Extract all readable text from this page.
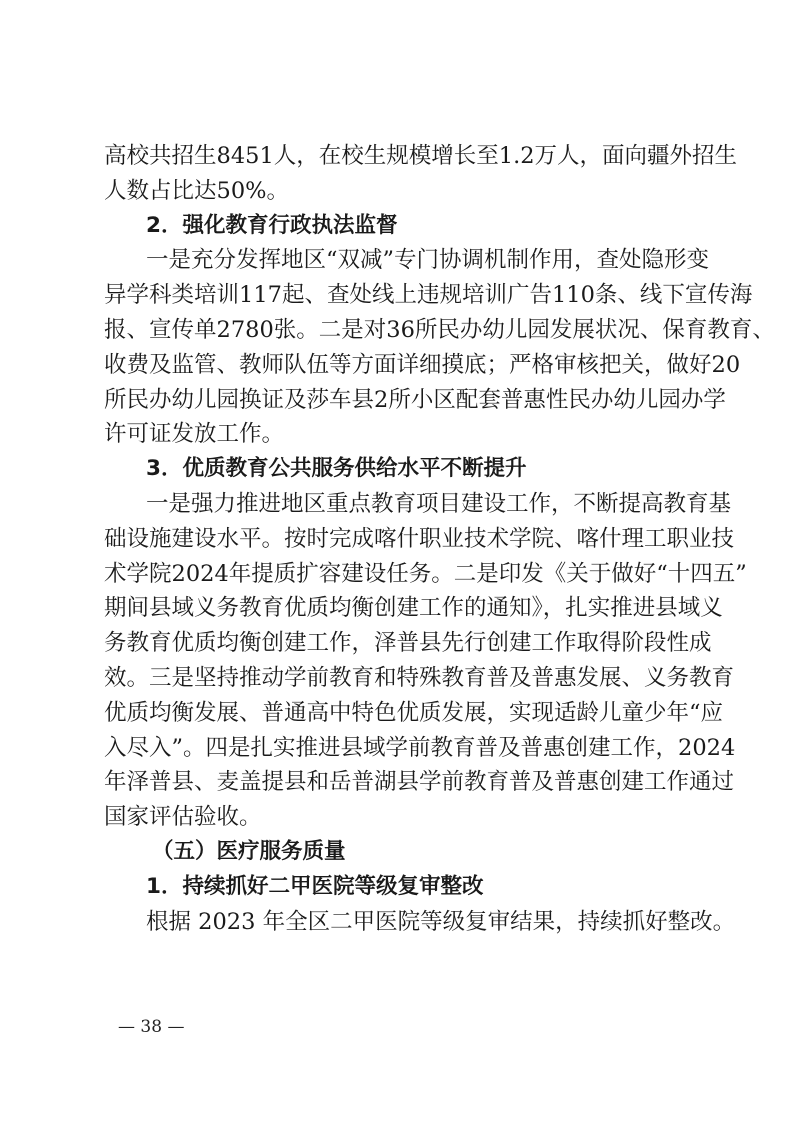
高校共招生8451人，在校生规模增长至1.2万人，面向疆外招生
人数占比达50%。
2．强化教育行政执法监督
一是充分发挥地区“双减”专门协调机制作用，查处隐形变
异学科类培训117起、查处线上违规培训广告110条、线下宣传海
报、宣传单2780张。二是对36所民办幼儿园发展状况、保育教育、
收费及监管、教师队伍等方面详细摸底；严格审核把关，做好20
所民办幼儿园换证及莎车县2所小区配套普惠性民办幼儿园办学
许可证发放工作。
3．优质教育公共服务供给水平不断提升
一是强力推进地区重点教育项目建设工作，不断提高教育基
础设施建设水平。按时完成喀什职业技术学院、喀什理工职业技
术学院2024年提质扩容建设任务。二是印发《关于做好“十四五”
期间县域义务教育优质均衡创建工作的通知》，扎实推进县域义
务教育优质均衡创建工作，泽普县先行创建工作取得阶段性成
效。三是坚持推动学前教育和特殊教育普及普惠发展、义务教育
优质均衡发展、普通高中特色优质发展，实现适龄儿童少年“应
入尽入”。四是扎实推进县域学前教育普及普惠创建工作，2024
年泽普县、麦盖提县和岳普湖县学前教育普及普惠创建工作通过
国家评估验收。
（五）医疗服务质量
1．持续抓好二甲医院等级复审整改
根据 2023 年全区二甲医院等级复审结果，持续抓好整改。
— 38 —
